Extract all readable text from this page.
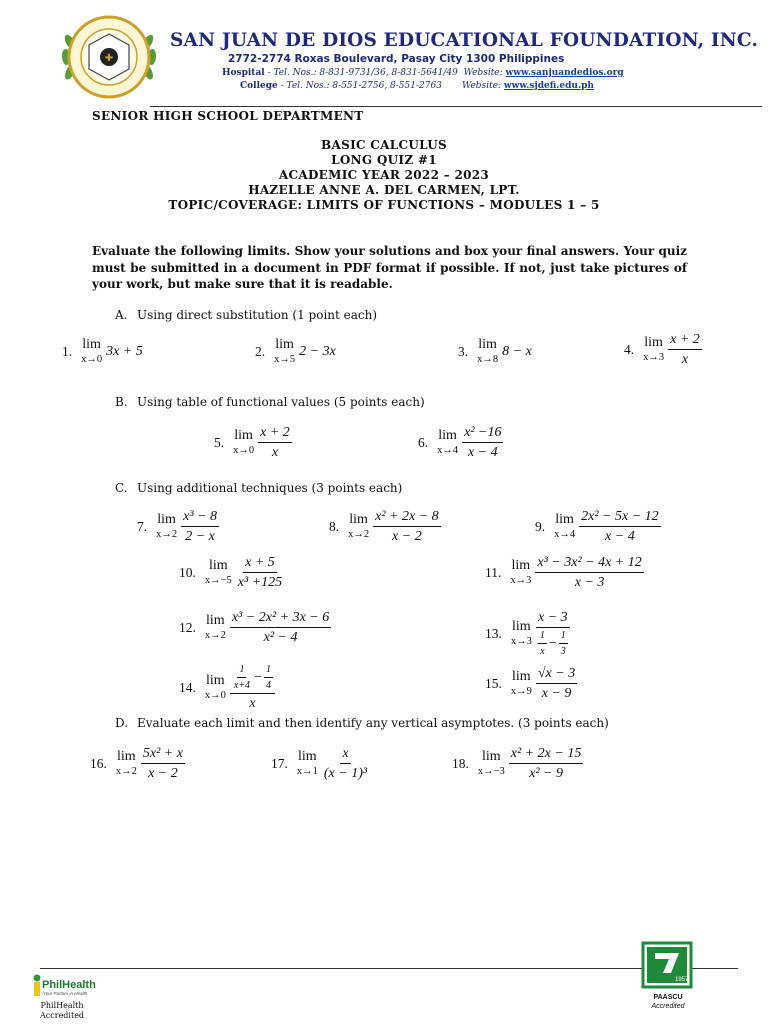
✚
SAN JUAN DE DIOS EDUCATIONAL FOUNDATION, INC.
2772-2774 Roxas Boulevard, Pasay City 1300 Philippines
Hospital - Tel. Nos.: 8-831-9731/36, 8-831-5641/49 Website: www.sanjuandedios.org
College - Tel. Nos.: 8-551-2756, 8-551-2763 Website: www.sjdefi.edu.ph
SENIOR HIGH SCHOOL DEPARTMENT
BASIC CALCULUS
LONG QUIZ #1
ACADEMIC YEAR 2022 – 2023
HAZELLE ANNE A. DEL CARMEN, LPT.
TOPIC/COVERAGE: LIMITS OF FUNCTIONS – MODULES 1 – 5
Evaluate the following limits. Show your solutions and box your final answers. Your quiz must be submitted in a document in PDF format if possible. If not, just take pictures of your work, but make sure that it is readable.
A. Using direct substitution (1 point each)
1. lim
x→0
3x + 5	2. lim
x→5
2 − 3x	3. lim
x→8
8 − x	4. lim
$x\to 3 \frac{x + 2}{x}$
B. Using table of functional values (5 points each)
5. lim
$x\to 0 \frac{x + 2}{x}$	6. lim
$x\to 4 \frac{\text{x² −16}}{x - 4}$
C. Using additional techniques (3 points each)
7. lim
$x\to 2 \frac{\text{x³ − 8}}{2 - x}$	8. lim
$x\to 2 \frac{\text{x² + 2x − 8}}{x - 2}$	9. lim
$x\to 4 \frac{\text{2x² − 5x − 12}}{x - 4}$
10. lim
$x\to-5 \frac{x + 5}{\text{x³ +125}}$	11. lim
$x\to 3 \frac{\text{x³ − 3x² − 4x + 12}}{x - 3}$
12. lim
$x\to 2 \frac{\text{x³ − 2x² + 3x − 6}}{\text{x² − 4}}$	13. lim
$x\to 3 \frac{x - 3}{\frac{1}{x} - \frac{1}{3}}$
14. lim
$x\to 0 \frac{\frac{1}{x+4} - \frac{1}{4}}{x}$	15. lim
$x\to 9 \frac{√x - 3}{x - 9}$
D. Evaluate each limit and then identify any vertical asymptotes. (3 points each)
16. lim
$x\to 2 \frac{\text{5x² + x}}{x - 2}$	17. lim
$x\to 1 \frac{x}{\text{(x − 1)³}}$	18. lim
$x\to-3 \frac{\text{x² + 2x − 15}}{\text{x² − 9}}$
PhilHealth
Your Partner in Health
PhilHealth
Accredited
1957
PAASCU
Accredited
